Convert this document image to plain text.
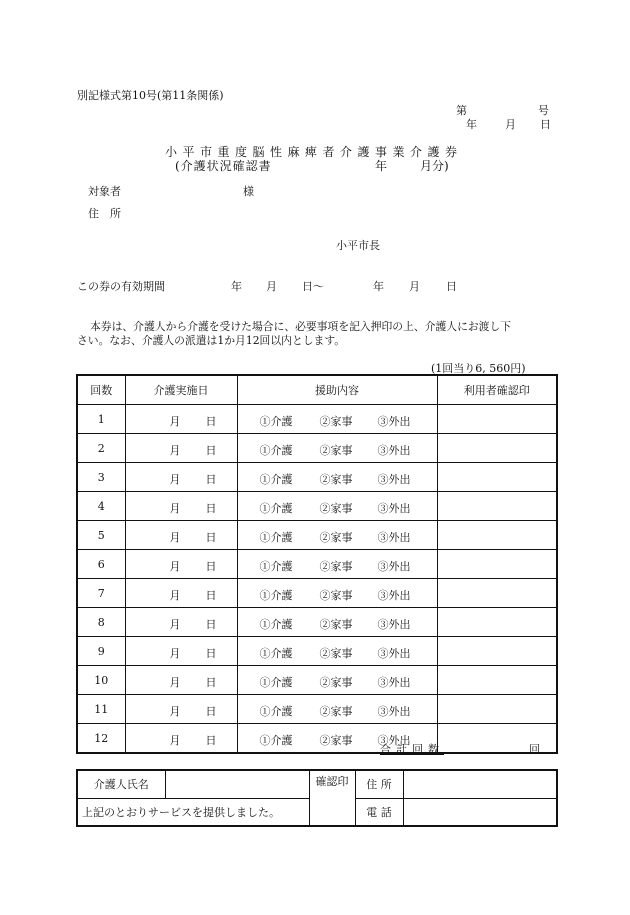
別記様式第10号(第11条関係)
第	号
年	月 日
小平市重度脳性麻痺者介護事業介護券
(介護状況確認書	年	月分)
対象者	様
住　所
小平市長
この券の有効期間	年 月 日〜	年 月 日
本券は、介護人から介護を受けた場合に、必要事項を記入押印の上、介護人にお渡し下
さい。なお、介護人の派遣は1か月12回以内とします。
(1回当り6, 560円)
回数	介護実施日	援助内容	利用者確認印
1	月 日	①介護 ②家事 ③外出	

2	月 日	①介護 ②家事 ③外出	

3	月 日	①介護 ②家事 ③外出	

4	月 日	①介護 ②家事 ③外出	

5	月 日	①介護 ②家事 ③外出	

6	月 日	①介護 ②家事 ③外出	

7	月 日	①介護 ②家事 ③外出	

8	月 日	①介護 ②家事 ③外出	

9	月 日	①介護 ②家事 ③外出	

10	月 日	①介護 ②家事 ③外出	

11	月 日	①介護 ②家事 ③外出	

12	月 日	①介護 ②家事 ③外出	

合計回数	回
介護人氏名		確認印	住 所	
上記のとおりサービスを提供しました。			電 話	
